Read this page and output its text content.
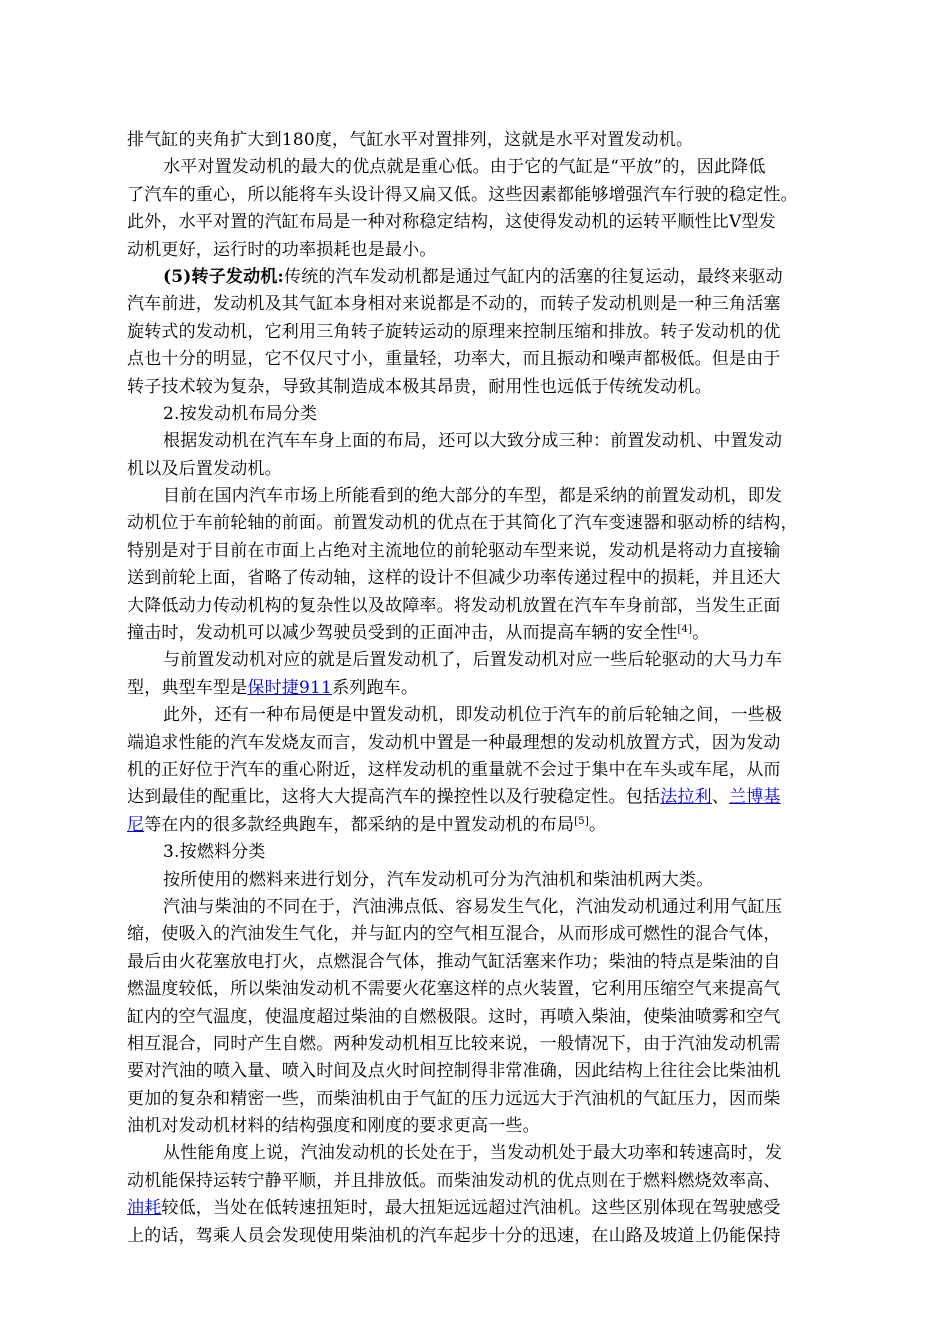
排气缸的夹角扩大到180度，气缸水平对置排列，这就是水平对置发动机。
水平对置发动机的最大的优点就是重心低。由于它的气缸是“平放”的，因此降低
了汽车的重心，所以能将车头设计得又扁又低。这些因素都能够增强汽车行驶的稳定性。
此外，水平对置的汽缸布局是一种对称稳定结构，这使得发动机的运转平顺性比V型发
动机更好，运行时的功率损耗也是最小。
(5)转子发动机:传统的汽车发动机都是通过气缸内的活塞的往复运动，最终来驱动
汽车前进，发动机及其气缸本身相对来说都是不动的，而转子发动机则是一种三角活塞
旋转式的发动机，它利用三角转子旋转运动的原理来控制压缩和排放。转子发动机的优
点也十分的明显，它不仅尺寸小，重量轻，功率大，而且振动和噪声都极低。但是由于
转子技术较为复杂，导致其制造成本极其昂贵，耐用性也远低于传统发动机。
2.按发动机布局分类
根据发动机在汽车车身上面的布局，还可以大致分成三种：前置发动机、中置发动
机以及后置发动机。
目前在国内汽车市场上所能看到的绝大部分的车型，都是采纳的前置发动机，即发
动机位于车前轮轴的前面。前置发动机的优点在于其简化了汽车变速器和驱动桥的结构，
特别是对于目前在市面上占绝对主流地位的前轮驱动车型来说，发动机是将动力直接输
送到前轮上面，省略了传动轴，这样的设计不但减少功率传递过程中的损耗，并且还大
大降低动力传动机构的复杂性以及故障率。将发动机放置在汽车车身前部，当发生正面
撞击时，发动机可以减少驾驶员受到的正面冲击，从而提高车辆的安全性[4]。
与前置发动机对应的就是后置发动机了，后置发动机对应一些后轮驱动的大马力车
型，典型车型是保时捷911系列跑车。
此外，还有一种布局便是中置发动机，即发动机位于汽车的前后轮轴之间，一些极
端追求性能的汽车发烧友而言，发动机中置是一种最理想的发动机放置方式，因为发动
机的正好位于汽车的重心附近，这样发动机的重量就不会过于集中在车头或车尾，从而
达到最佳的配重比，这将大大提高汽车的操控性以及行驶稳定性。包括法拉利、兰博基
尼等在内的很多款经典跑车，都采纳的是中置发动机的布局[5]。
3.按燃料分类
按所使用的燃料来进行划分，汽车发动机可分为汽油机和柴油机两大类。
汽油与柴油的不同在于，汽油沸点低、容易发生气化，汽油发动机通过利用气缸压
缩，使吸入的汽油发生气化，并与缸内的空气相互混合，从而形成可燃性的混合气体，
最后由火花塞放电打火，点燃混合气体，推动气缸活塞来作功；柴油的特点是柴油的自
燃温度较低，所以柴油发动机不需要火花塞这样的点火装置，它利用压缩空气来提高气
缸内的空气温度，使温度超过柴油的自燃极限。这时，再喷入柴油，使柴油喷雾和空气
相互混合，同时产生自燃。两种发动机相互比较来说，一般情况下，由于汽油发动机需
要对汽油的喷入量、喷入时间及点火时间控制得非常准确，因此结构上往往会比柴油机
更加的复杂和精密一些，而柴油机由于气缸的压力远远大于汽油机的气缸压力，因而柴
油机对发动机材料的结构强度和刚度的要求更高一些。
从性能角度上说，汽油发动机的长处在于，当发动机处于最大功率和转速高时，发
动机能保持运转宁静平顺，并且排放低。而柴油发动机的优点则在于燃料燃烧效率高、
油耗较低，当处在低转速扭矩时，最大扭矩远远超过汽油机。这些区别体现在驾驶感受
上的话，驾乘人员会发现使用柴油机的汽车起步十分的迅速，在山路及坡道上仍能保持
